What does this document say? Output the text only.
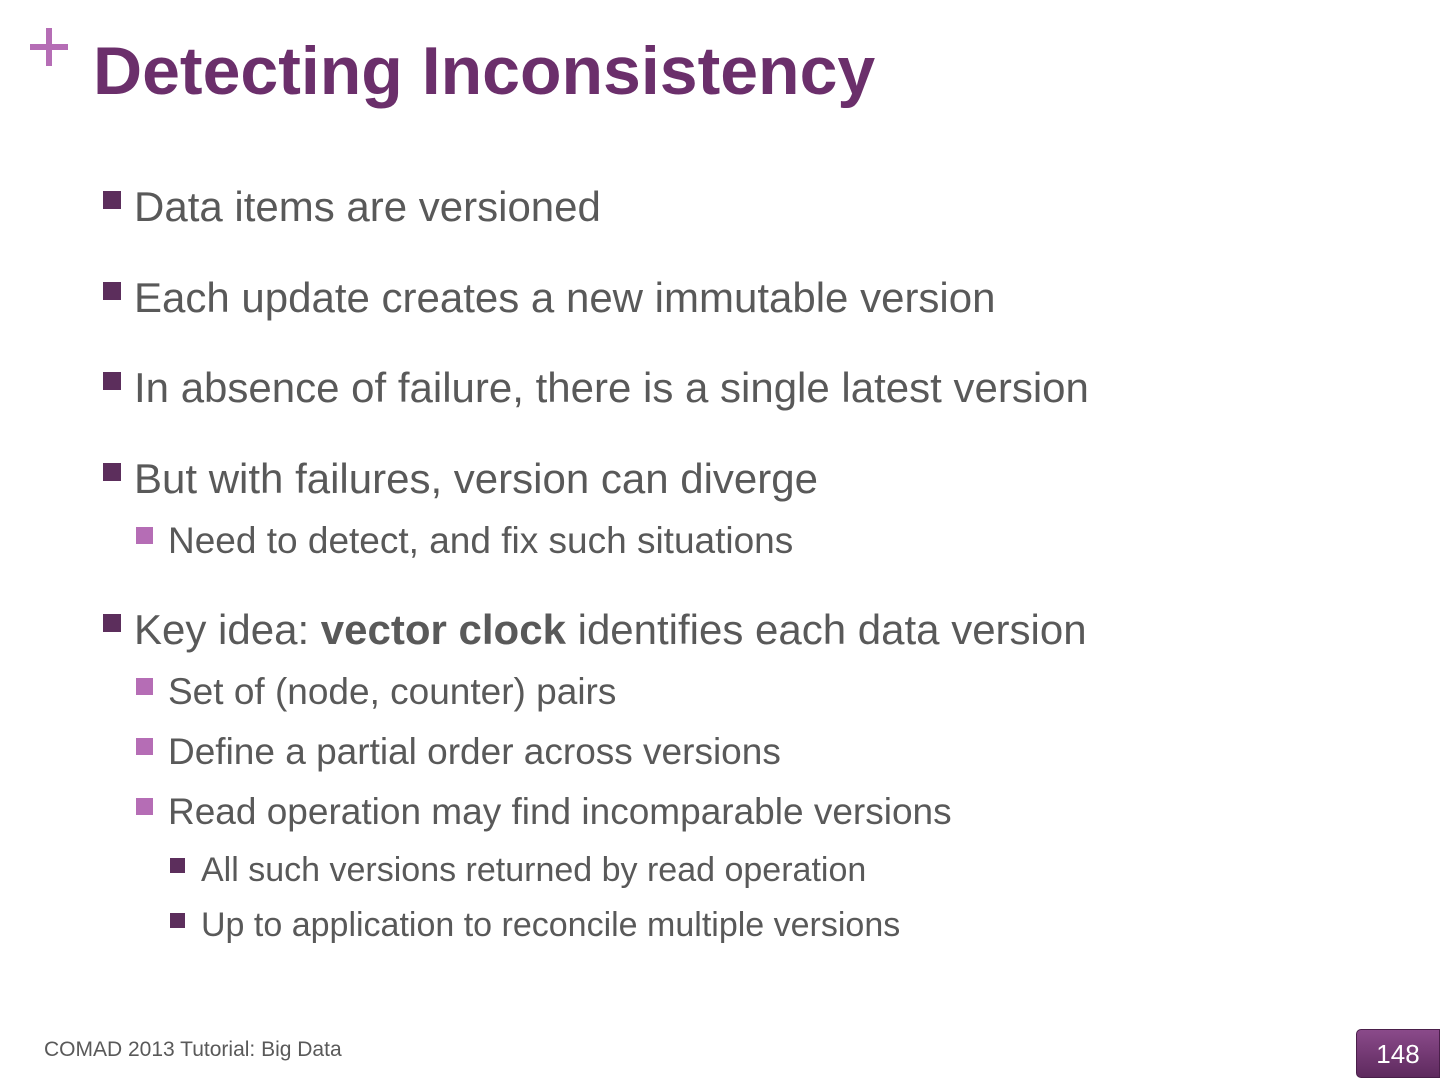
Detecting Inconsistency
Data items are versioned
Each update creates a new immutable version
In absence of failure, there is a single latest version
But with failures, version can diverge
Need to detect, and fix such situations
Key idea: vector clock identifies each data version
Set of (node, counter) pairs
Define a partial order across versions
Read operation may find incomparable versions
All such versions returned by read operation
Up to application to reconcile multiple versions
COMAD 2013 Tutorial: Big Data	148
